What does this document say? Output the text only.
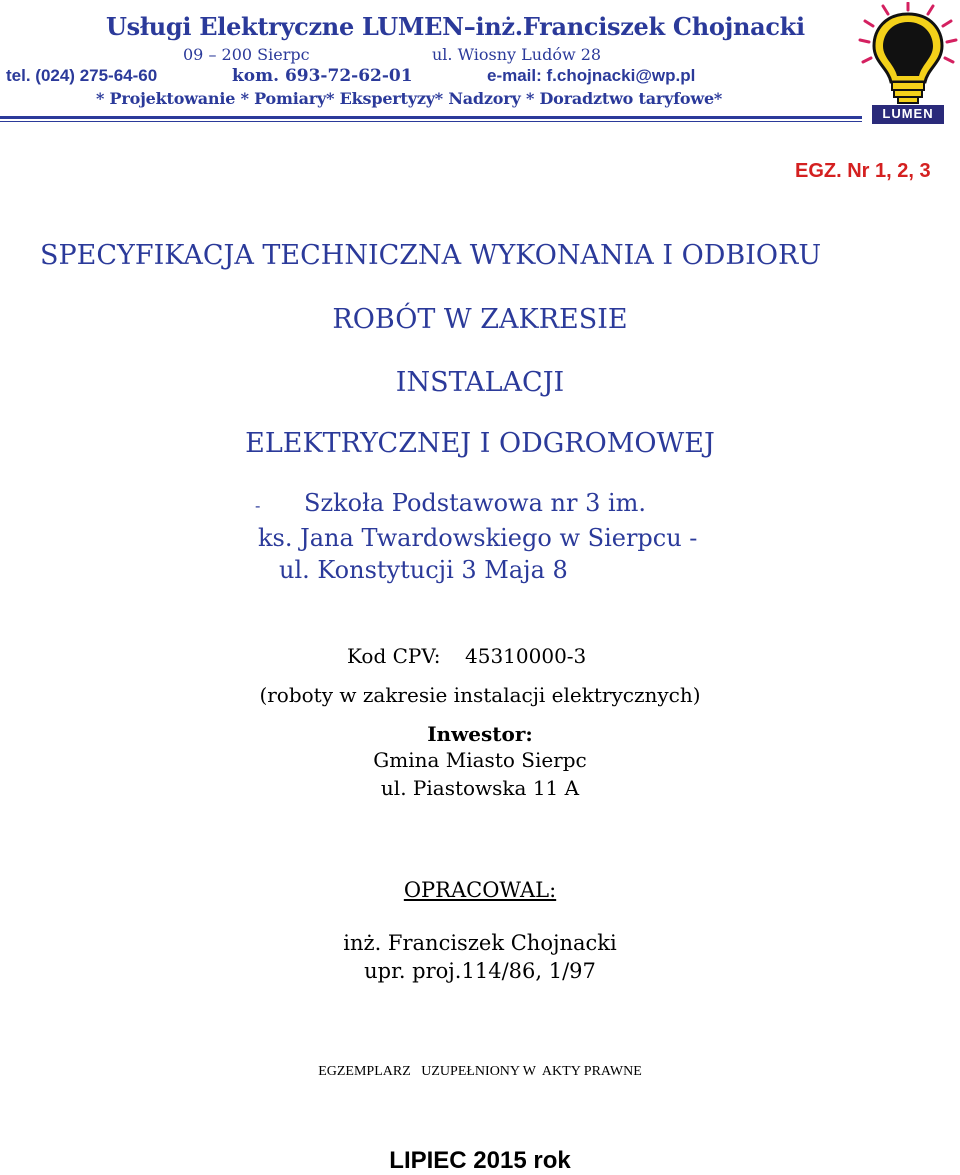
Usługi Elektryczne LUMEN–inż.Franciszek Chojnacki
09 – 200 Sierpc	ul. Wiosny Ludów 28
tel. (024) 275-64-60	kom. 693-72-62-01	e-mail: f.chojnacki@wp.pl
* Projektowanie * Pomiary* Ekspertyzy* Nadzory * Doradztwo taryfowe*
LUMEN
EGZ. Nr 1, 2, 3
SPECYFIKACJA TECHNICZNA WYKONANIA I ODBIORU
ROBÓT W ZAKRESIE
INSTALACJI
ELEKTRYCZNEJ I ODGROMOWEJ
- Szkoła Podstawowa nr 3 im.
ks. Jana Twardowskiego w Sierpcu -
ul. Konstytucji 3 Maja 8
Kod CPV: 45310000-3
(roboty w zakresie instalacji elektrycznych)
Inwestor:
Gmina Miasto Sierpc
ul. Piastowska 11 A
OPRACOWAL:
inż. Franciszek Chojnacki
upr. proj.114/86, 1/97
EGZEMPLARZ   UZUPEŁNIONY W  AKTY PRAWNE
LIPIEC 2015 rok
